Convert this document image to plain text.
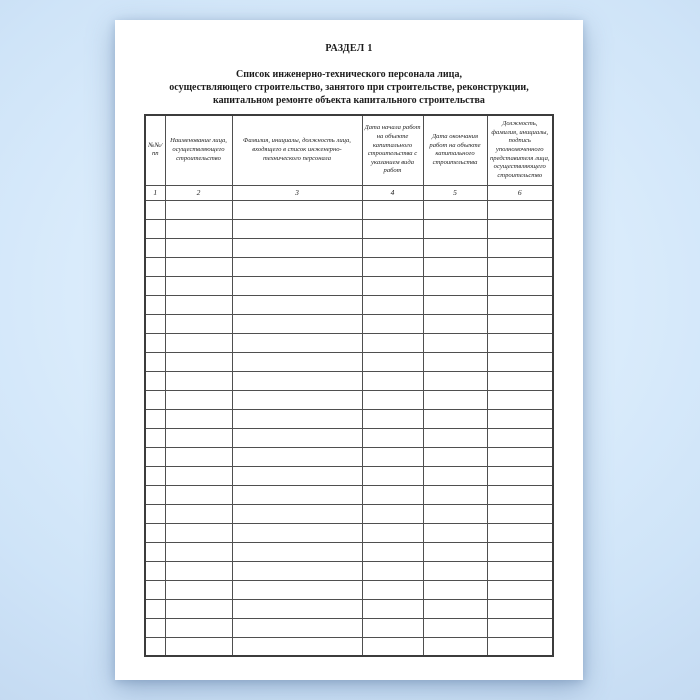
РАЗДЕЛ 1
Список инженерно-технического персонала лица,
осуществляющего строительство, занятого при строительстве, реконструкции,
капитальном ремонте объекта капитального строительства
№№/ пп	Наименование лица, осуществляющего строительство	Фамилия, инициалы, должность лица, входящего в список инженерно-технического персонала	Дата начала работ на объекте капитального строительства с указанием вида работ	Дата окончания работ на объекте капитального строительства	Должность, фамилия, инициалы, подпись уполномоченного представителя лица, осуществляющего строительство
1	2	3	4	5	6
